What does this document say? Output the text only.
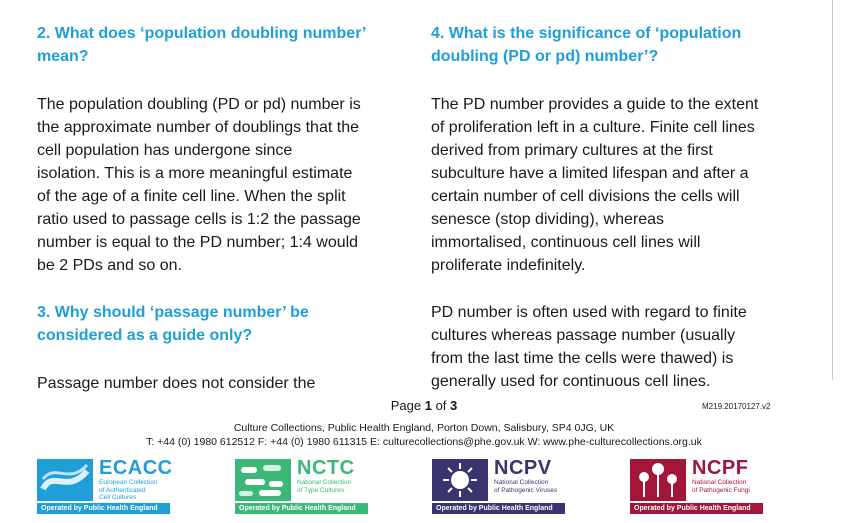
2. What does ‘population doubling number’
mean?
The population doubling (PD or pd) number is
the approximate number of doublings that the
cell population has undergone since
isolation. This is a more meaningful estimate
of the age of a finite cell line. When the split
ratio used to passage cells is 1:2 the passage
number is equal to the PD number; 1:4 would
be 2 PDs and so on.
3. Why should ‘passage number’ be
considered as a guide only?
Passage number does not consider the
4. What is the significance of ‘population
doubling (PD or pd) number’?
The PD number provides a guide to the extent
of proliferation left in a culture. Finite cell lines
derived from primary cultures at the first
subculture have a limited lifespan and after a
certain number of cell divisions the cells will
senesce (stop dividing), whereas
immortalised, continuous cell lines will
proliferate indefinitely.
PD number is often used with regard to finite
cultures whereas passage number (usually
from the last time the cells were thawed) is
generally used for continuous cell lines.
Page 1 of 3	M219.20170127.v2
Culture Collections, Public Health England, Porton Down, Salisbury, SP4 0JG, UK
T: +44 (0) 1980 612512 F: +44 (0) 1980 611315 E: culturecollections@phe.gov.uk W: www.phe-culturecollections.org.uk
ECACC
European Collection
of Authenticated
Cell Cultures
Operated by Public Health England
NCTC
National Collection
of Type Cultures
Operated by Public Health England
NCPV
National Collection
of Pathogenic Viruses
Operated by Public Health England
NCPF
National Collection
of Pathogenic Fungi
Operated by Public Health England
